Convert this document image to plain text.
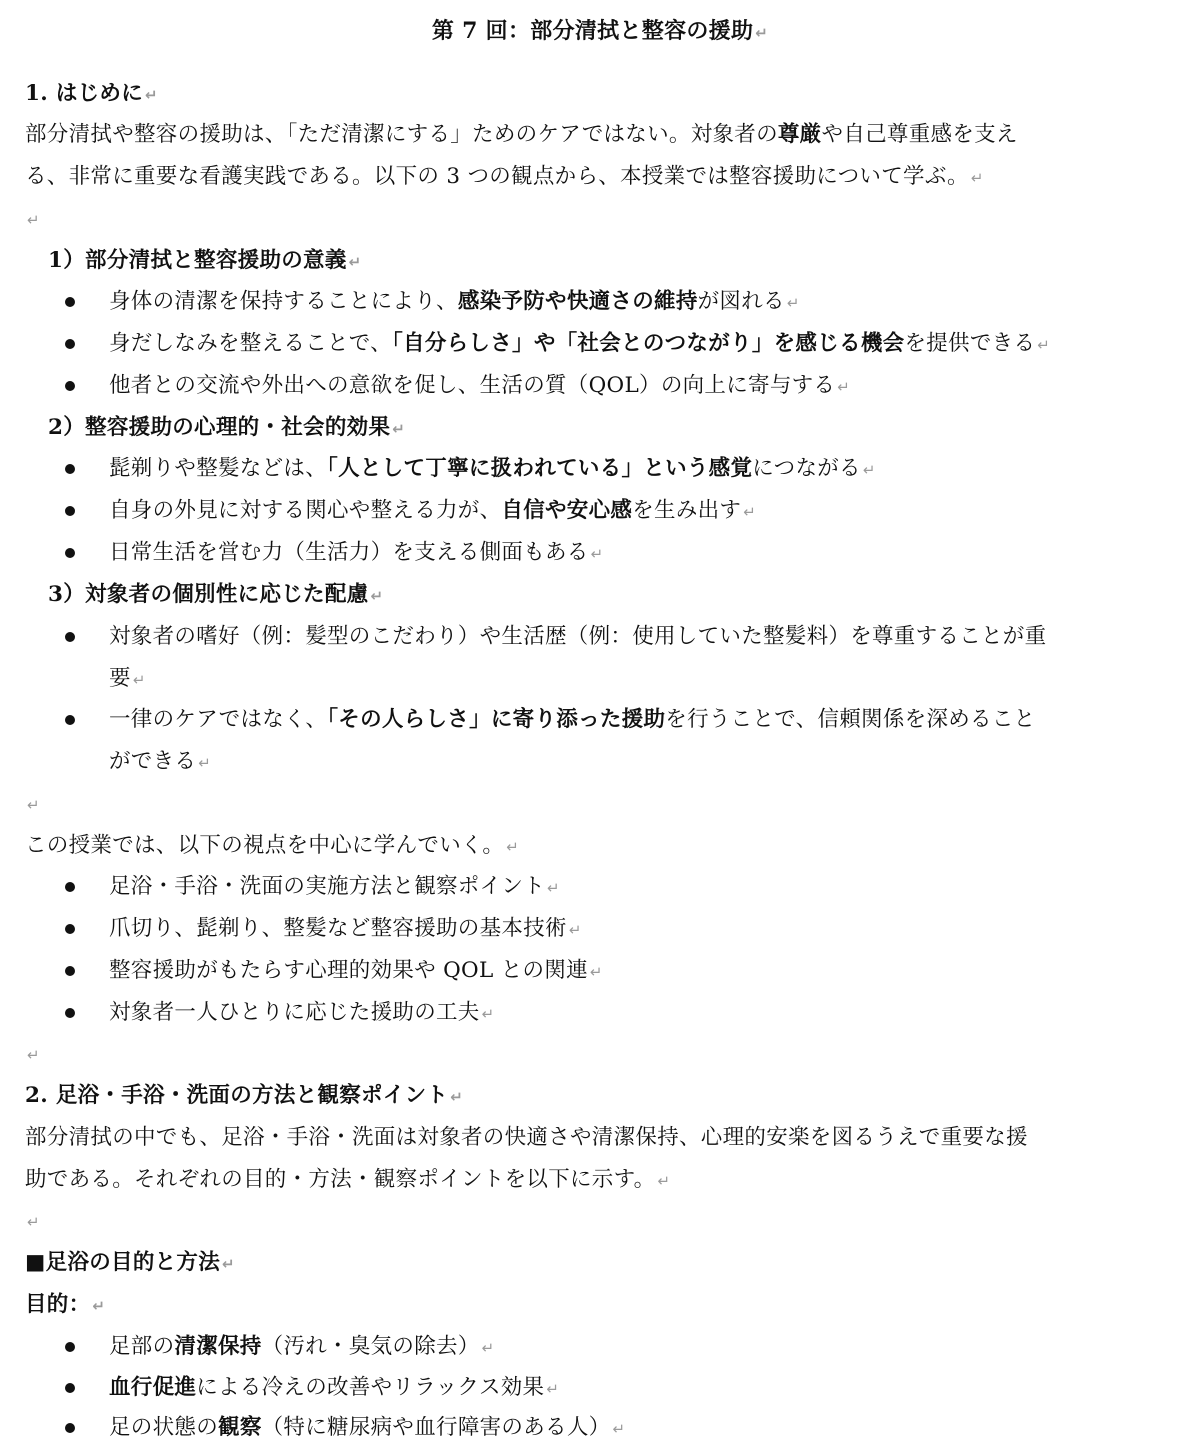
第 7 回：部分清拭と整容の援助 ↵
1. はじめに ↵
部分清拭や整容の援助は、「ただ清潔にする」ためのケアではない。対象者の尊厳や自己尊重感を支え
る、非常に重要な看護実践である。以下の 3 つの観点から、本授業では整容援助について学ぶ。 ↵
↵
1）部分清拭と整容援助の意義 ↵
身体の清潔を保持することにより、感染予防や快適さの維持が図れる ↵
身だしなみを整えることで、「自分らしさ」や「社会とのつながり」を感じる機会を提供できる ↵
他者との交流や外出への意欲を促し、生活の質（QOL）の向上に寄与する ↵
2）整容援助の心理的・社会的効果 ↵
髭剃りや整髪などは、「人として丁寧に扱われている」という感覚につながる ↵
自身の外見に対する関心や整える力が、自信や安心感を生み出す ↵
日常生活を営む力（生活力）を支える側面もある ↵
3）対象者の個別性に応じた配慮 ↵
対象者の嗜好（例：髪型のこだわり）や生活歴（例：使用していた整髪料）を尊重することが重
要 ↵
一律のケアではなく、「その人らしさ」に寄り添った援助を行うことで、信頼関係を深めること
ができる ↵
↵
この授業では、以下の視点を中心に学んでいく。 ↵
足浴・手浴・洗面の実施方法と観察ポイント ↵
爪切り、髭剃り、整髪など整容援助の基本技術 ↵
整容援助がもたらす心理的効果や QOL との関連 ↵
対象者一人ひとりに応じた援助の工夫 ↵
↵
2. 足浴・手浴・洗面の方法と観察ポイント ↵
部分清拭の中でも、足浴・手浴・洗面は対象者の快適さや清潔保持、心理的安楽を図るうえで重要な援
助である。それぞれの目的・方法・観察ポイントを以下に示す。 ↵
↵
■足浴の目的と方法 ↵
目的： ↵
足部の清潔保持（汚れ・臭気の除去） ↵
血行促進による冷えの改善やリラックス効果 ↵
足の状態の観察（特に糖尿病や血行障害のある人） ↵
